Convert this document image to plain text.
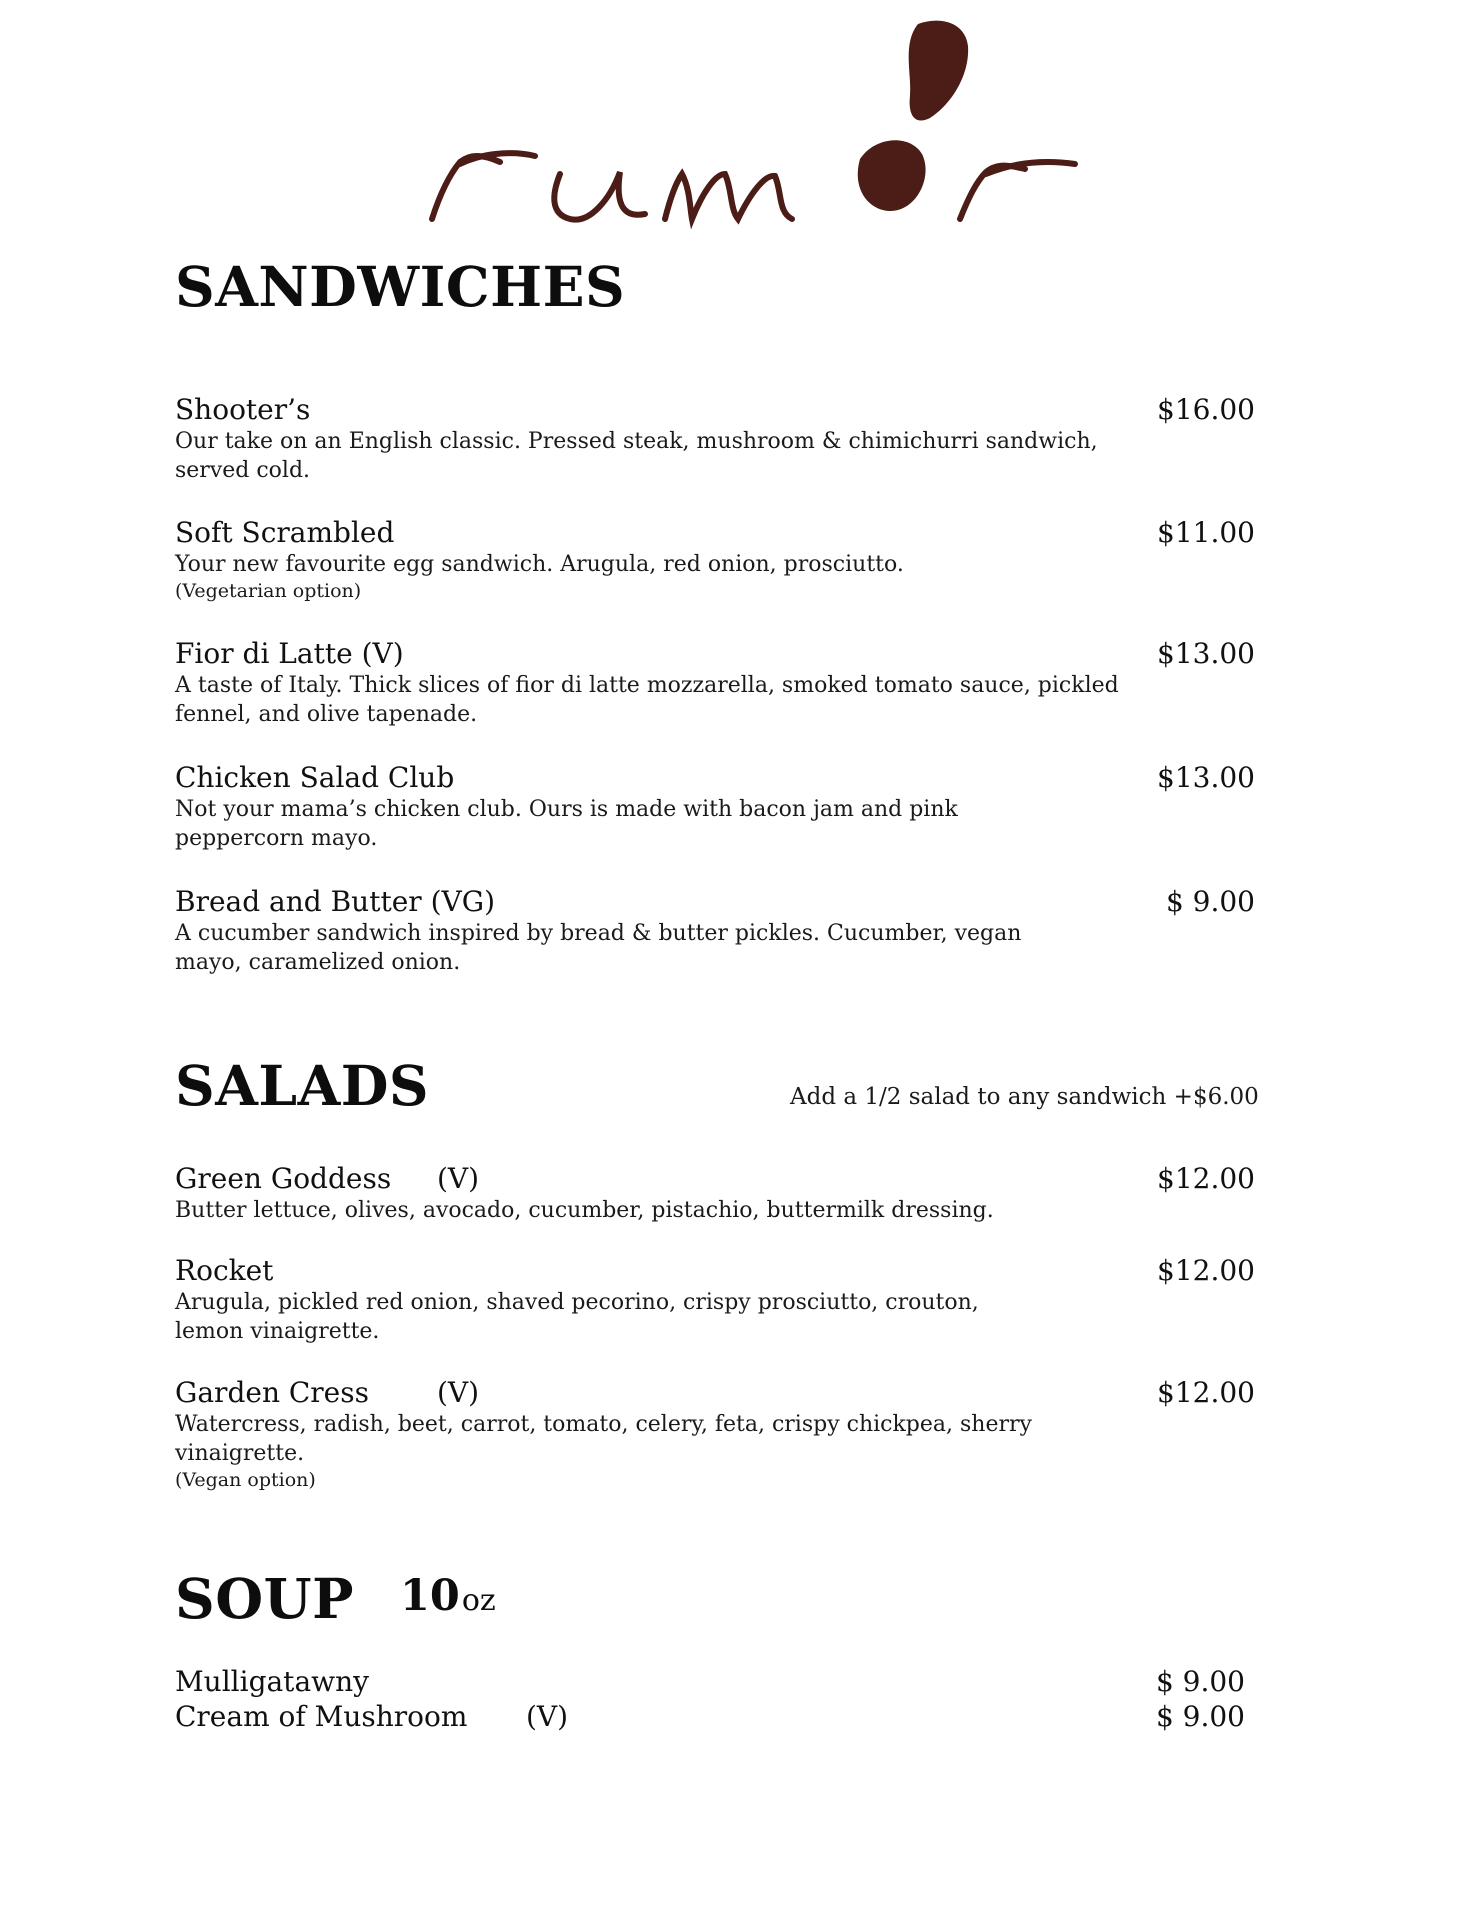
SANDWICHES
Shooter’s	$16.00
Our take on an English classic. Pressed steak, mushroom & chimichurri sandwich, served cold.
Soft Scrambled	$11.00
Your new favourite egg sandwich. Arugula, red onion, prosciutto.
(Vegetarian option)
Fior di Latte (V)	$13.00
A taste of Italy. Thick slices of fior di latte mozzarella, smoked tomato sauce, pickled fennel, and olive tapenade.
Chicken Salad Club	$13.00
Not your mama’s chicken club. Ours is made with bacon jam and pink peppercorn mayo.
Bread and Butter (VG)	$ 9.00
A cucumber sandwich inspired by bread & butter pickles. Cucumber, vegan mayo, caramelized onion.
SALADS	Add a 1/2 salad to any sandwich +$6.00
Green Goddess	(V)	$12.00
Butter lettuce, olives, avocado, cucumber, pistachio, buttermilk dressing.
Rocket	$12.00
Arugula, pickled red onion, shaved pecorino, crispy prosciutto, crouton, lemon vinaigrette.
Garden Cress	(V)	$12.00
Watercress, radish, beet, carrot, tomato, celery, feta, crispy chickpea, sherry vinaigrette.
(Vegan option)
SOUP 10oz
Mulligatawny	$ 9.00
Cream of Mushroom	(V)	$ 9.00
